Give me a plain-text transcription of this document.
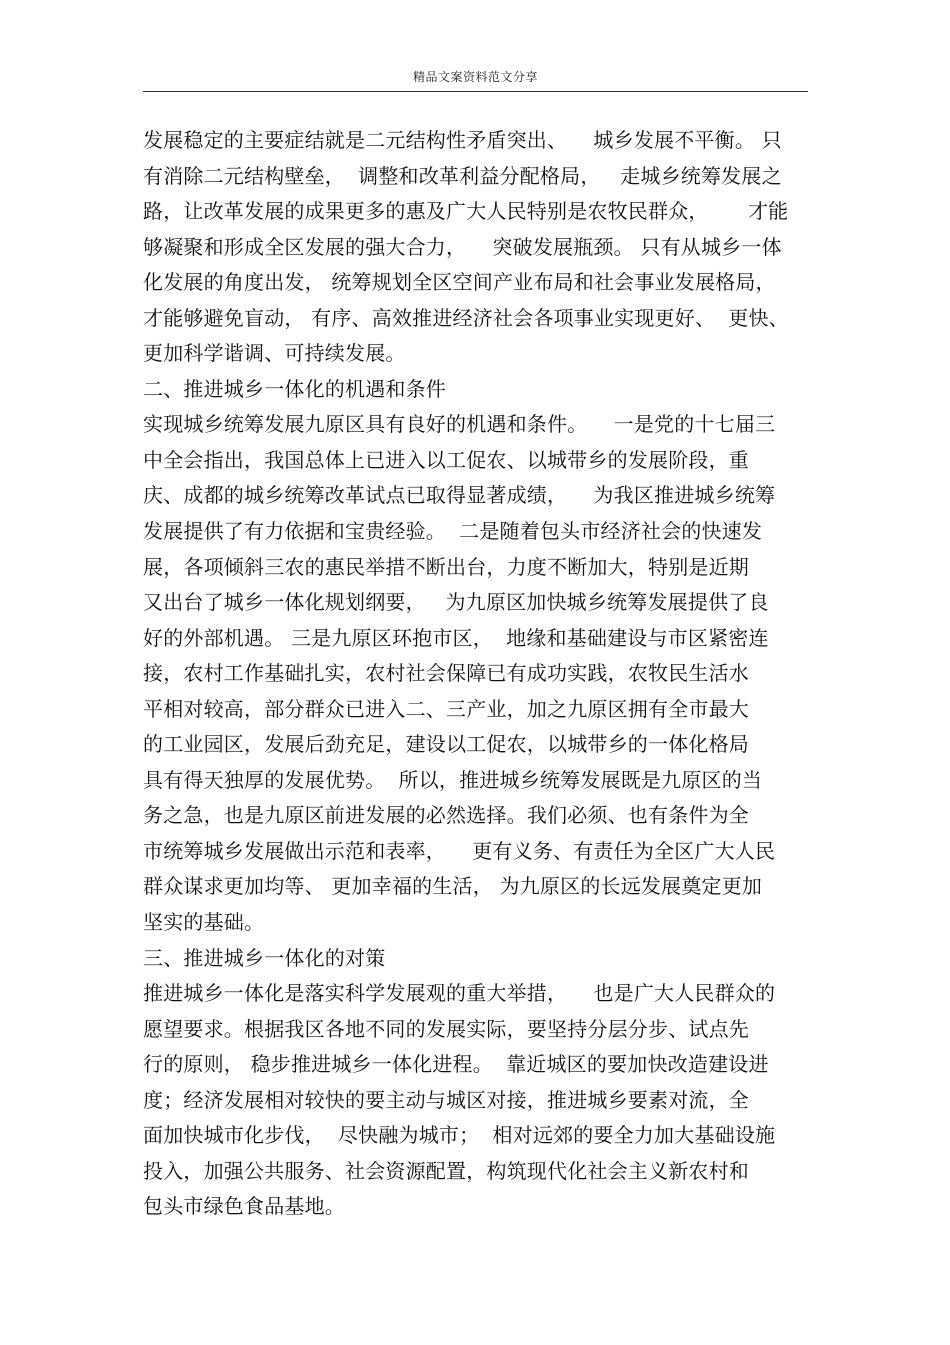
精品文案资料范文分享
发展稳定的主要症结就是二元结构性矛盾突出、    城乡发展不平衡。 只
有消除二元结构壁垒，  调整和改革利益分配格局，   走城乡统筹发展之
路，让改革发展的成果更多的惠及广大人民特别是农牧民群众，      才能
够凝聚和形成全区发展的强大合力，    突破发展瓶颈。 只有从城乡一体
化发展的角度出发， 统筹规划全区空间产业布局和社会事业发展格局，
才能够避免盲动， 有序、高效推进经济社会各项事业实现更好、  更快、
更加科学谐调、可持续发展。
二、推进城乡一体化的机遇和条件
实现城乡统筹发展九原区具有良好的机遇和条件。    一是党的十七届三
中全会指出，我国总体上已进入以工促农、以城带乡的发展阶段，重
庆、成都的城乡统筹改革试点已取得显著成绩，    为我区推进城乡统筹
发展提供了有力依据和宝贵经验。  二是随着包头市经济社会的快速发
展，各项倾斜三农的惠民举措不断出台，力度不断加大，特别是近期
又出台了城乡一体化规划纲要，   为九原区加快城乡统筹发展提供了良
好的外部机遇。 三是九原区环抱市区，  地缘和基础建设与市区紧密连
接，农村工作基础扎实，农村社会保障已有成功实践，农牧民生活水
平相对较高，部分群众已进入二、三产业，加之九原区拥有全市最大
的工业园区，发展后劲充足，建设以工促农，以城带乡的一体化格局
具有得天独厚的发展优势。  所以，推进城乡统筹发展既是九原区的当
务之急，也是九原区前进发展的必然选择。我们必须、也有条件为全
市统筹城乡发展做出示范和表率，    更有义务、有责任为全区广大人民
群众谋求更加均等、 更加幸福的生活， 为九原区的长远发展奠定更加
坚实的基础。
三、推进城乡一体化的对策
推进城乡一体化是落实科学发展观的重大举措，    也是广大人民群众的
愿望要求。根据我区各地不同的发展实际，要坚持分层分步、试点先
行的原则， 稳步推进城乡一体化进程。  靠近城区的要加快改造建设进
度；经济发展相对较快的要主动与城区对接，推进城乡要素对流，全
面加快城市化步伐，  尽快融为城市；  相对远郊的要全力加大基础设施
投入，加强公共服务、社会资源配置，构筑现代化社会主义新农村和
包头市绿色食品基地。
